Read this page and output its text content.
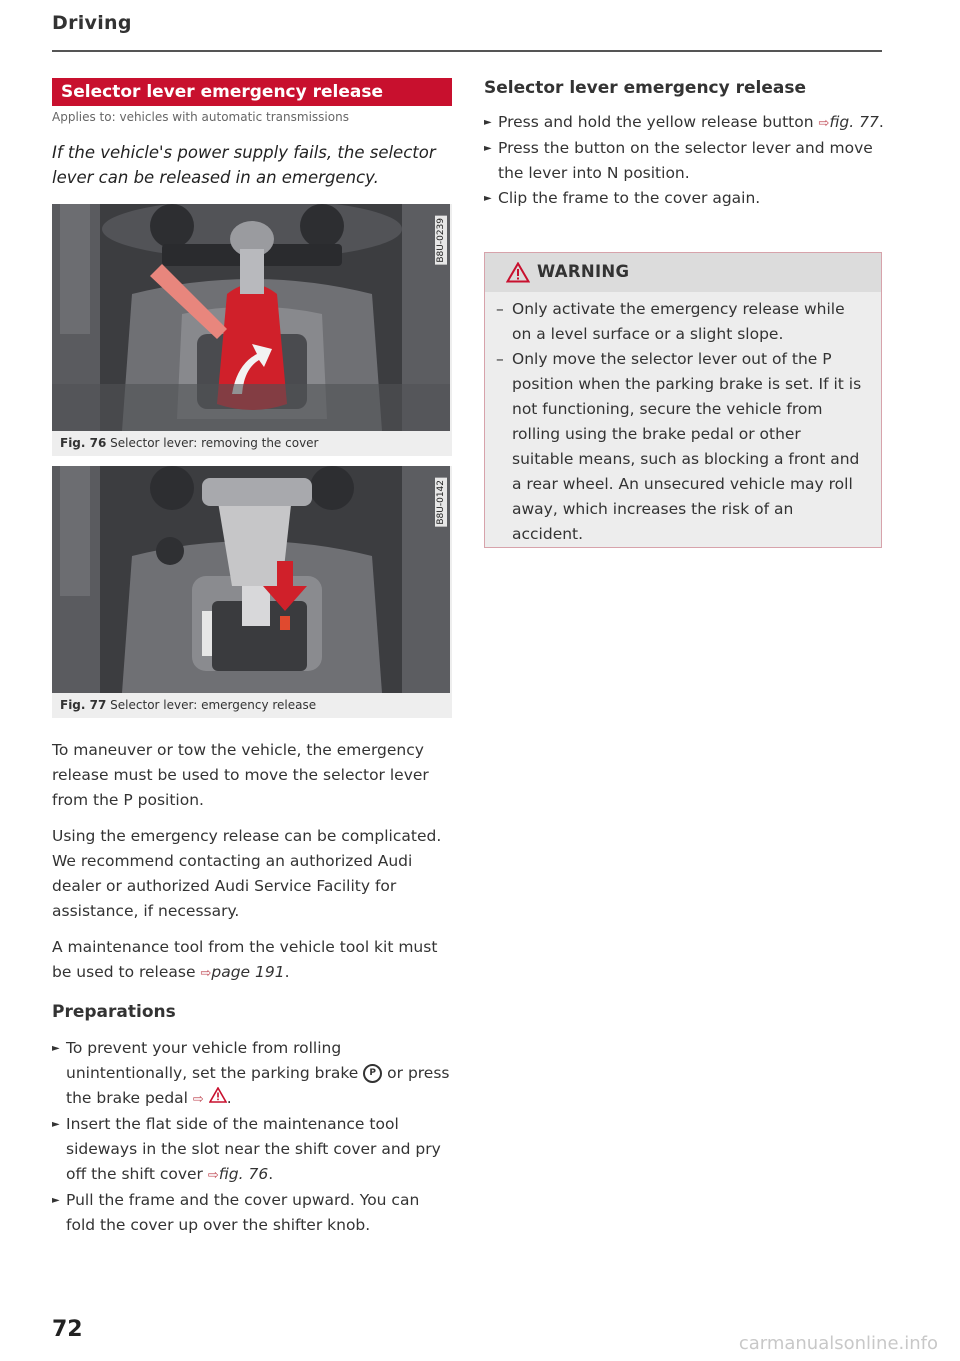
Driving
Selector lever emergency release
Applies to: vehicles with automatic transmissions
If the vehicle's power supply fails, the selector lever can be released in an emergency.
B8U-0239
Fig. 76 Selector lever: removing the cover
B8U-0142
Fig. 77 Selector lever: emergency release

To maneuver or tow the vehicle, the emergency release must be used to move the selector lever from the P position.

Using the emergency release can be complicated. We recommend contacting an authorized Audi dealer or authorized Audi Service Facility for assistance, if necessary.

A maintenance tool from the vehicle tool kit must be used to release ⇨page 191.

Preparations
► To prevent your vehicle from rolling unintentionally, set the parking brake P or press the brake pedal ⇨ .
► Insert the flat side of the maintenance tool sideways in the slot near the shift cover and pry off the shift cover ⇨fig. 76.
► Pull the frame and the cover upward. You can fold the cover up over the shifter knob.
Selector lever emergency release
► Press and hold the yellow release button ⇨fig. 77.
► Press the button on the selector lever and move the lever into N position.
► Clip the frame to the cover again.
WARNING
– Only activate the emergency release while on a level surface or a slight slope.
– Only move the selector lever out of the P position when the parking brake is set. If it is not functioning, secure the vehicle from rolling using the brake pedal or other suitable means, such as blocking a front and a rear wheel. An unsecured vehicle may roll away, which increases the risk of an accident.
72
carmanualsonline.info
